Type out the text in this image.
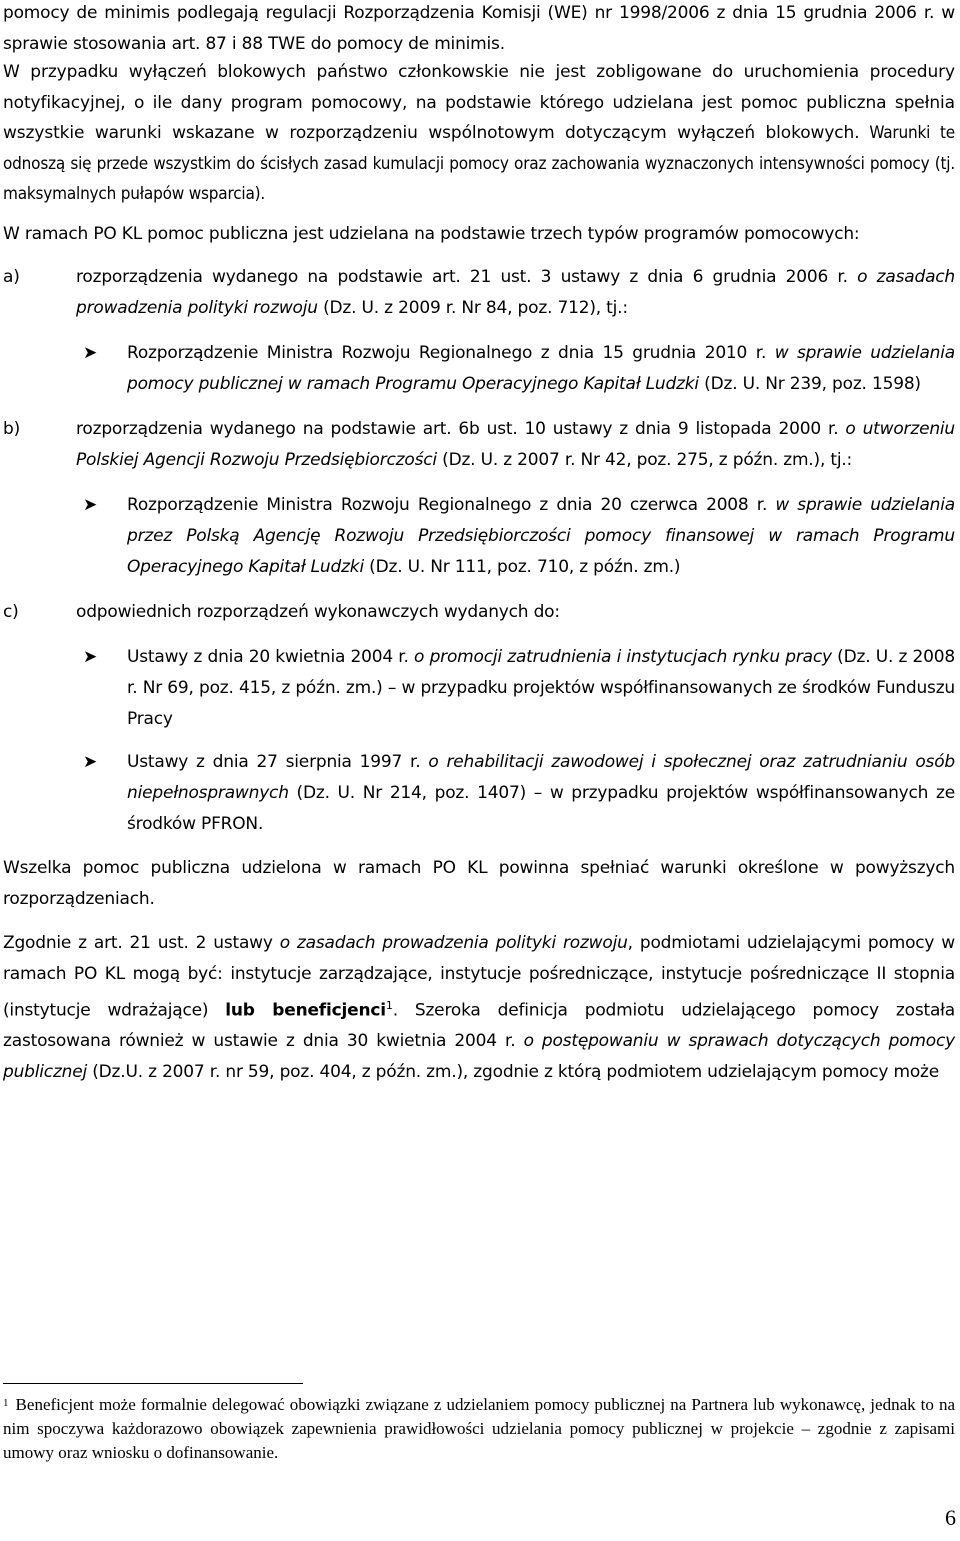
pomocy de minimis podlegają regulacji Rozporządzenia Komisji (WE) nr 1998/2006 z dnia 15 grudnia 2006 r. w sprawie stosowania art. 87 i 88 TWE do pomocy de minimis.

W przypadku wyłączeń blokowych państwo członkowskie nie jest zobligowane do uruchomienia procedury notyfikacyjnej, o ile dany program pomocowy, na podstawie którego udzielana jest pomoc publiczna spełnia wszystkie warunki wskazane w rozporządzeniu wspólnotowym dotyczącym wyłączeń blokowych. Warunki te odnoszą się przede wszystkim do ścisłych zasad kumulacji pomocy oraz zachowania wyznaczonych intensywności pomocy (tj. maksymalnych pułapów wsparcia).

W ramach PO KL pomoc publiczna jest udzielana na podstawie trzech typów programów pomocowych:

a)	rozporządzenia wydanego na podstawie art. 21 ust. 3 ustawy z dnia 6 grudnia 2006 r. o zasadach prowadzenia polityki rozwoju (Dz. U. z 2009 r. Nr 84, poz. 712), tj.:
➤ Rozporządzenie Ministra Rozwoju Regionalnego z dnia 15 grudnia 2010 r. w sprawie udzielania pomocy publicznej w ramach Programu Operacyjnego Kapitał Ludzki (Dz. U. Nr 239, poz. 1598)
b)	rozporządzenia wydanego na podstawie art. 6b ust. 10 ustawy z dnia 9 listopada 2000 r. o utworzeniu Polskiej Agencji Rozwoju Przedsiębiorczości (Dz. U. z 2007 r. Nr 42, poz. 275, z późn. zm.), tj.:
➤ Rozporządzenie Ministra Rozwoju Regionalnego z dnia 20 czerwca 2008 r. w sprawie udzielania przez Polską Agencję Rozwoju Przedsiębiorczości pomocy finansowej w ramach Programu Operacyjnego Kapitał Ludzki (Dz. U. Nr 111, poz. 710, z późn. zm.)
c)	odpowiednich rozporządzeń wykonawczych wydanych do:
➤ Ustawy z dnia 20 kwietnia 2004 r. o promocji zatrudnienia i instytucjach rynku pracy (Dz. U. z 2008 r. Nr 69, poz. 415, z późn. zm.) – w przypadku projektów współfinansowanych ze środków Funduszu Pracy
➤ Ustawy z dnia 27 sierpnia 1997 r. o rehabilitacji zawodowej i społecznej oraz zatrudnianiu osób niepełnosprawnych (Dz. U. Nr 214, poz. 1407) – w przypadku projektów współfinansowanych ze środków PFRON.

Wszelka pomoc publiczna udzielona w ramach PO KL powinna spełniać warunki określone w powyższych rozporządzeniach.

Zgodnie z art. 21 ust. 2 ustawy o zasadach prowadzenia polityki rozwoju, podmiotami udzielającymi pomocy w ramach PO KL mogą być: instytucje zarządzające, instytucje pośredniczące, instytucje pośredniczące II stopnia (instytucje wdrażające) lub beneficjenci$^1$. Szeroka definicja podmiotu udzielającego pomocy została zastosowana również w ustawie z dnia 30 kwietnia 2004 r. o postępowaniu w sprawach dotyczących pomocy publicznej (Dz.U. z 2007 r. nr 59, poz. 404, z późn. zm.), zgodnie z którą podmiotem udzielającym pomocy może

$^1$ Beneficjent może formalnie delegować obowiązki związane z udzielaniem pomocy publicznej na Partnera lub wykonawcę, jednak to na nim spoczywa każdorazowo obowiązek zapewnienia prawidłowości udzielania pomocy publicznej w projekcie – zgodnie z zapisami umowy oraz wniosku o dofinansowanie.
6
